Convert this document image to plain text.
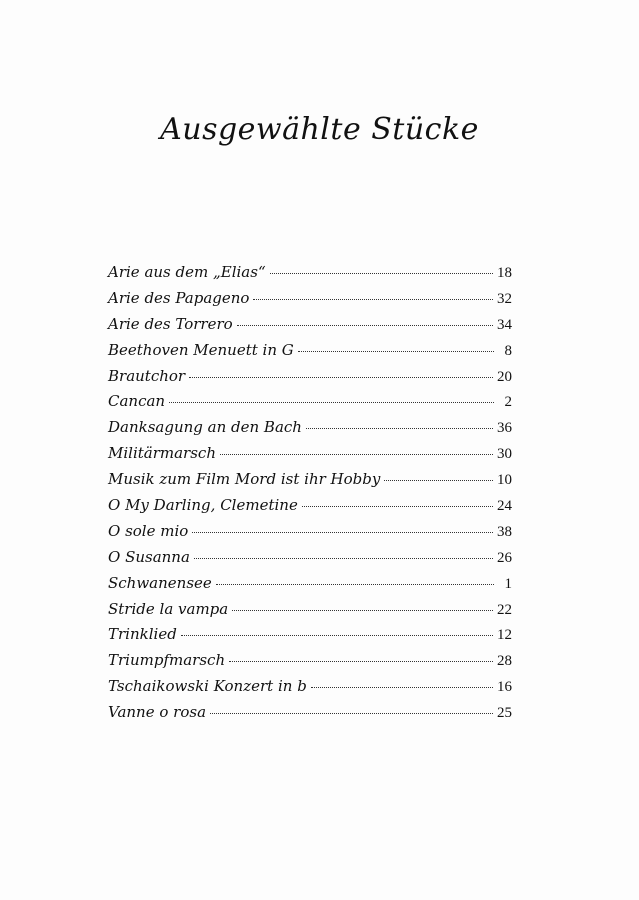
Ausgewählte Stücke
Arie aus dem „Elias“	18
Arie des Papageno	32
Arie des Torrero	34
Beethoven Menuett in G	8
Brautchor	20
Cancan	2
Danksagung an den Bach	36
Militärmarsch	30
Musik zum Film Mord ist ihr Hobby	10
O My Darling, Clemetine	24
O sole mio	38
O Susanna	26
Schwanensee	1
Stride la vampa	22
Trinklied	12
Triumpfmarsch	28
Tschaikowski Konzert in b	16
Vanne o rosa	25
